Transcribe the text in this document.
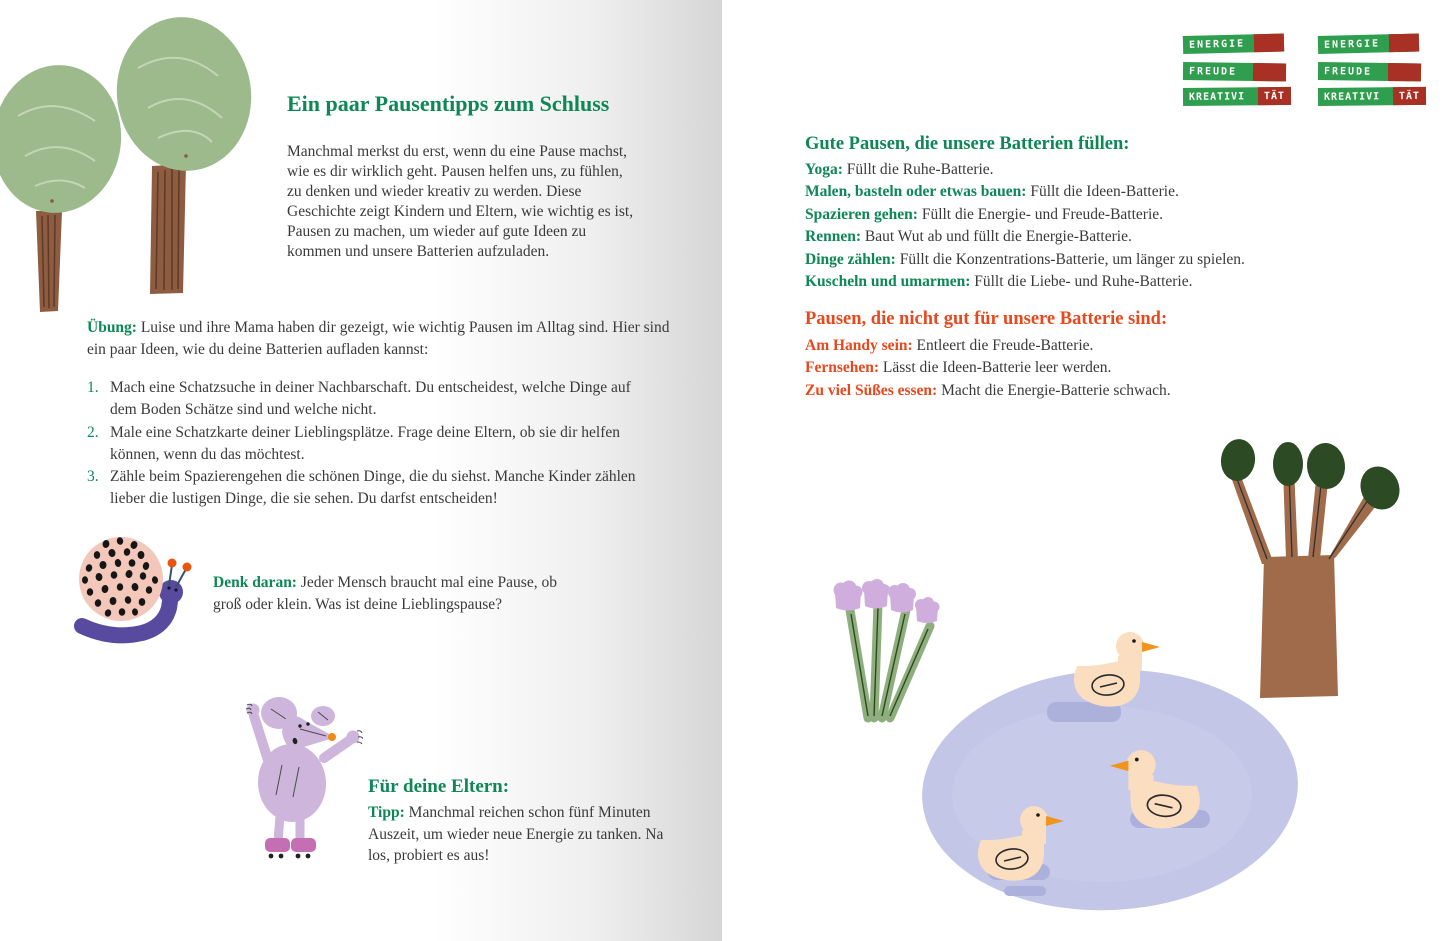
Ein paar Pausentipps zum Schluss

Manchmal merkst du erst, wenn du eine Pause machst, wie es dir wirklich geht. Pausen helfen uns, zu fühlen, zu denken und wieder kreativ zu werden. Diese Geschichte zeigt Kindern und Eltern, wie wichtig es ist, Pausen zu machen, um wieder auf gute Ideen zu kommen und unsere Batterien aufzuladen.

Übung: Luise und ihre Mama haben dir gezeigt, wie wichtig Pausen im Alltag sind. Hier sind ein paar Ideen, wie du deine Batterien aufladen kannst:

1. Mach eine Schatzsuche in deiner Nachbarschaft. Du entscheidest, welche Dinge auf dem Boden Schätze sind und welche nicht.
2. Male eine Schatzkarte deiner Lieblingsplätze. Frage deine Eltern, ob sie dir helfen können, wenn du das möchtest.
3. Zähle beim Spazierengehen die schönen Dinge, die du siehst. Manche Kinder zählen lieber die lustigen Dinge, die sie sehen. Du darfst entscheiden!

Denk daran: Jeder Mensch braucht mal eine Pause, ob groß oder klein. Was ist deine Lieblingspause?

Für deine Eltern:

Tipp: Manchmal reichen schon fünf Minuten Auszeit, um wieder neue Energie zu tanken. Na los, probiert es aus!

ENERGIE
FREUDE
KREATIVI	TÄT
ENERGIE
FREUDE
KREATIVI	TÄT
Gute Pausen, die unsere Batterien füllen:

Yoga: Füllt die Ruhe-Batterie.

Malen, basteln oder etwas bauen: Füllt die Ideen-Batterie.

Spazieren gehen: Füllt die Energie- und Freude-Batterie.

Rennen: Baut Wut ab und füllt die Energie-Batterie.

Dinge zählen: Füllt die Konzentrations-Batterie, um länger zu spielen.

Kuscheln und umarmen: Füllt die Liebe- und Ruhe-Batterie.

Pausen, die nicht gut für unsere Batterie sind:

Am Handy sein: Entleert die Freude-Batterie.

Fernsehen: Lässt die Ideen-Batterie leer werden.

Zu viel Süßes essen: Macht die Energie-Batterie schwach.
